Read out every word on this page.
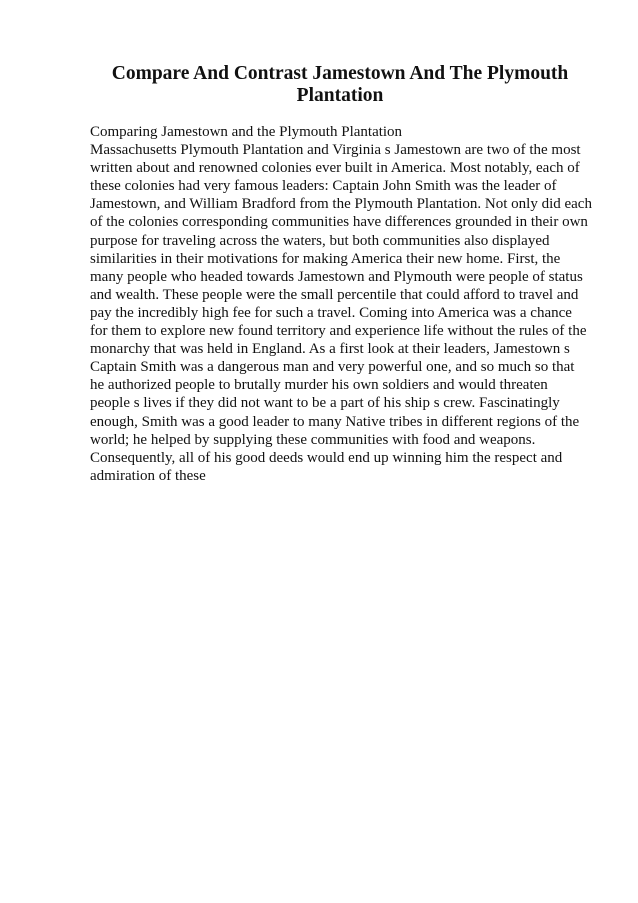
Compare And Contrast Jamestown And The Plymouth Plantation
Comparing Jamestown and the Plymouth Plantation
Massachusetts Plymouth Plantation and Virginia s Jamestown are two of the most
written about and renowned colonies ever built in America. Most notably, each of
these colonies had very famous leaders: Captain John Smith was the leader of
Jamestown, and William Bradford from the Plymouth Plantation. Not only did each
of the colonies corresponding communities have differences grounded in their own
purpose for traveling across the waters, but both communities also displayed
similarities in their motivations for making America their new home. First, the
many people who headed towards Jamestown and Plymouth were people of status
and wealth. These people were the small percentile that could afford to travel and
pay the incredibly high fee for such a travel. Coming into America was a chance
for them to explore new found territory and experience life without the rules of the
monarchy that was held in England. As a first look at their leaders, Jamestown s
Captain Smith was a dangerous man and very powerful one, and so much so that
he authorized people to brutally murder his own soldiers and would threaten
people s lives if they did not want to be a part of his ship s crew. Fascinatingly
enough, Smith was a good leader to many Native tribes in different regions of the
world; he helped by supplying these communities with food and weapons.
Consequently, all of his good deeds would end up winning him the respect and
admiration of these
